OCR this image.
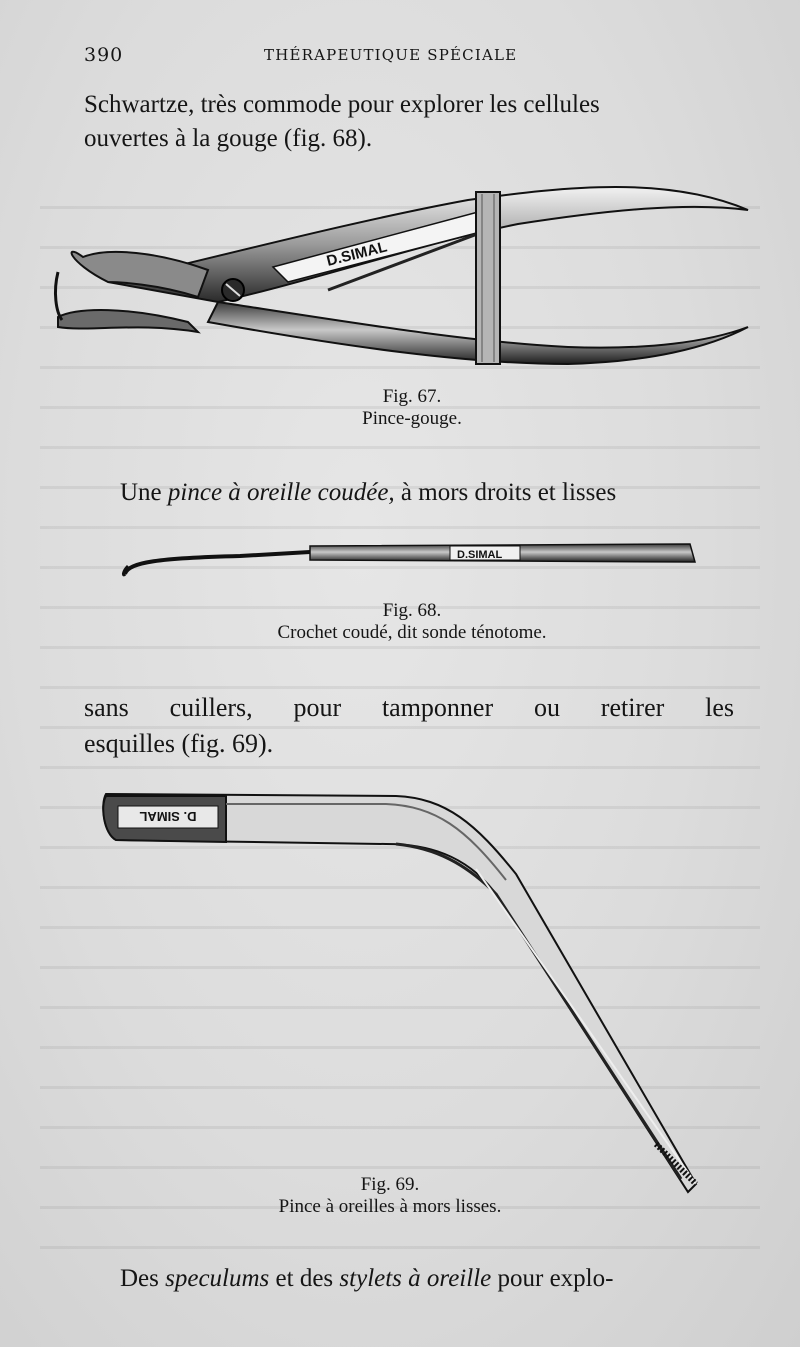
390	THÉRAPEUTIQUE SPÉCIALE
Schwartze, très commode pour explorer les cellules
ouvertes à la gouge (fig. 68).
D.SIMAL
Fig. 67.
Pince-gouge.
Une pince à oreille coudée, à mors droits et lisses
D.SIMAL
Fig. 68.
Crochet coudé, dit sonde ténotome.
sans cuillers, pour tamponner ou retirer les
esquilles (fig. 69).
D. SIMAL
Fig. 69.
Pince à oreilles à mors lisses.
Des speculums et des stylets à oreille pour explo-
